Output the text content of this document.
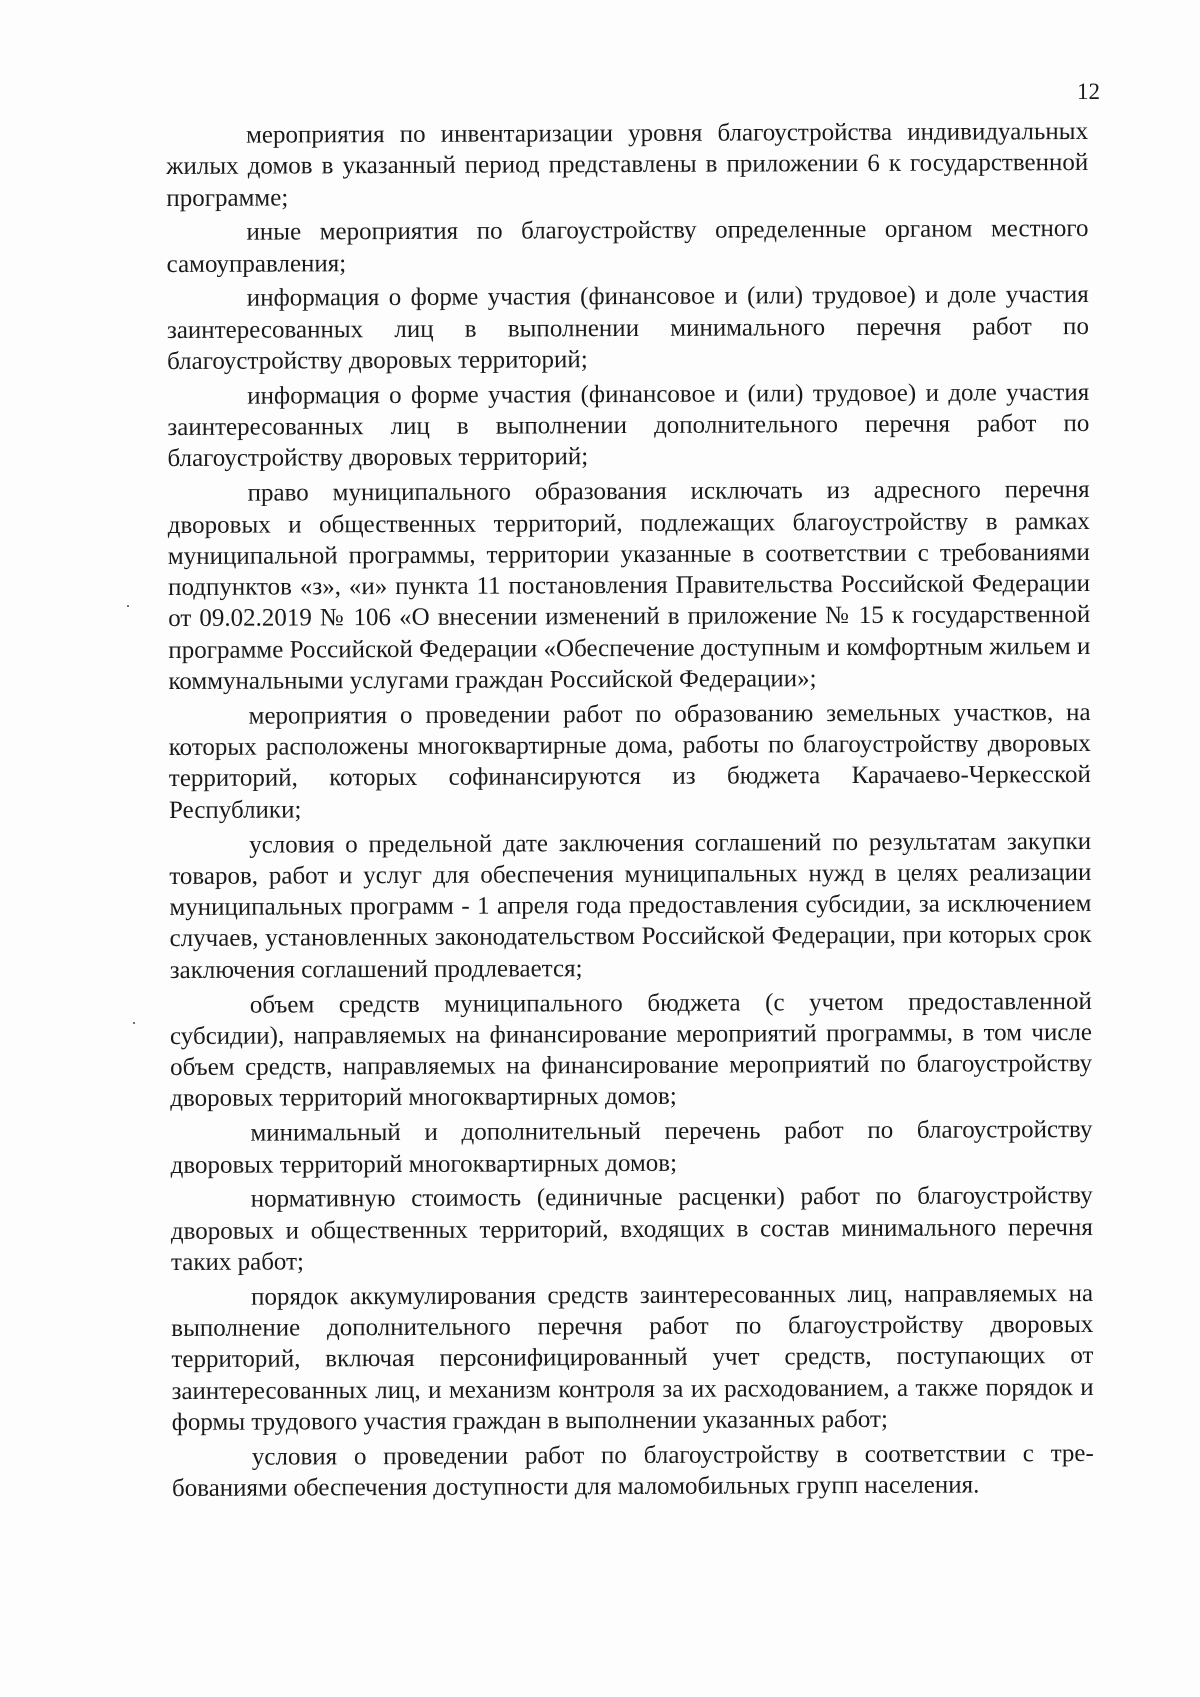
12

мероприятия по инвентаризации уровня благоустройства индивидуальных жилых домов в указанный период представлены в приложении 6 к государственной программе;

иные мероприятия по благоустройству определенные органом местного самоуправления;

информация о форме участия (финансовое и (или) трудовое) и доле участия заинтересованных лиц в выполнении минимального перечня работ по благоустройству дворовых территорий;

информация о форме участия (финансовое и (или) трудовое) и доле участия заинтересованных лиц в выполнении дополнительного перечня работ по благоустройству дворовых территорий;

право муниципального образования исключать из адресного перечня дворовых и общественных территорий, подлежащих благоустройству в рамках муниципальной программы, территории указанные в соответствии с требованиями подпунктов «з», «и» пункта 11 постановления Правительства Российской Федерации от 09.02.2019 № 106 «О внесении изменений в приложение № 15 к государственной программе Российской Федерации «Обеспечение доступным и комфортным жильем и коммунальными услугами граждан Российской Федерации»;

мероприятия о проведении работ по образованию земельных участков, на которых расположены многоквартирные дома, работы по благоустройству дворовых территорий, которых софинансируются из бюджета Карачаево-Черкесской Республики;

условия о предельной дате заключения соглашений по результатам закупки товаров, работ и услуг для обеспечения муниципальных нужд в целях реализации муниципальных программ - 1 апреля года предоставления субсидии, за исключением случаев, установленных законодательством Российской Федерации, при которых срок заключения соглашений продлевается;

объем средств муниципального бюджета (с учетом предоставленной субсидии), направляемых на финансирование мероприятий программы, в том числе объем средств, направляемых на финансирование мероприятий по благоустройству дворовых территорий многоквартирных домов;

минимальный и дополнительный перечень работ по благоустройству дворовых территорий многоквартирных домов;

нормативную стоимость (единичные расценки) работ по благоустройству дворовых и общественных территорий, входящих в состав минимального перечня таких работ;

порядок аккумулирования средств заинтересованных лиц, направляемых на выполнение дополнительного перечня работ по благоустройству дворовых территорий, включая персонифицированный учет средств, поступающих от заинтересованных лиц, и механизм контроля за их расходованием, а также порядок и формы трудового участия граждан в выполнении указанных работ;

условия о проведении работ по благоустройству в соответствии с требованиями обеспечения доступности для маломобильных групп населения.
